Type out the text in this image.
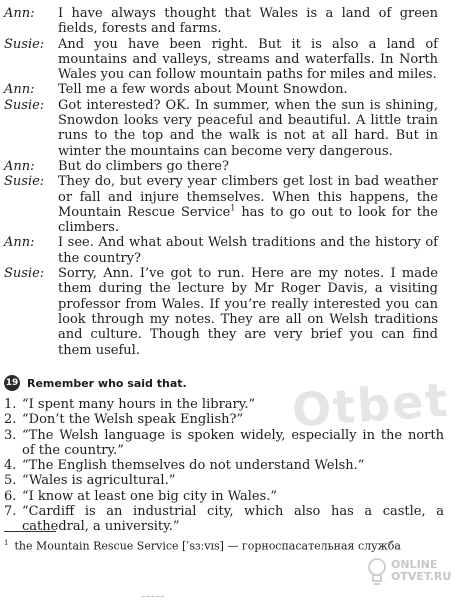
Ann:	I have always thought that Wales is a land of green fields, forests and farms.

Susie:	And you have been right. But it is also a land of mountains and valleys, streams and waterfalls. In North Wales you can follow mountain paths for miles and miles.

Ann:	Tell me a few words about Mount Snowdon.

Susie:	Got interested? OK. In summer, when the sun is shining, Snowdon looks very peaceful and beautiful. A little train runs to the top and the walk is not at all hard. But in winter the mountains can become very dangerous.

Ann:	But do climbers go there?

Susie:	They do, but every year climbers get lost in bad weather or fall and injure themselves. When this happens, the Mountain Rescue Service$^1$ has to go out to look for the climbers.

Ann:	I see. And what about Welsh traditions and the history of the country?

Susie:	Sorry, Ann. I’ve got to run. Here are my notes. I made them during the lecture by Mr Roger Davis, a visiting professor from Wales. If you’re really interested you can look through my notes. They are all on Welsh traditions and culture. Though they are very brief you can find them useful.

Otbet
19 Remember who said that.
1. “I spent many hours in the library.”
2. “Don’t the Welsh speak English?”
3. “The Welsh language is spoken widely, especially in the north of the country.”
4. “The English themselves do not understand Welsh.”
5. “Wales is agricultural.”
6. “I know at least one big city in Wales.”
7. “Cardiff is an industrial city, which also has a castle, a cathedral, a university.”
$^1$ the Mountain Rescue Service [ˈsɜːvɪs] — горноспасательная служба
ONLINE
OTVET.RU
